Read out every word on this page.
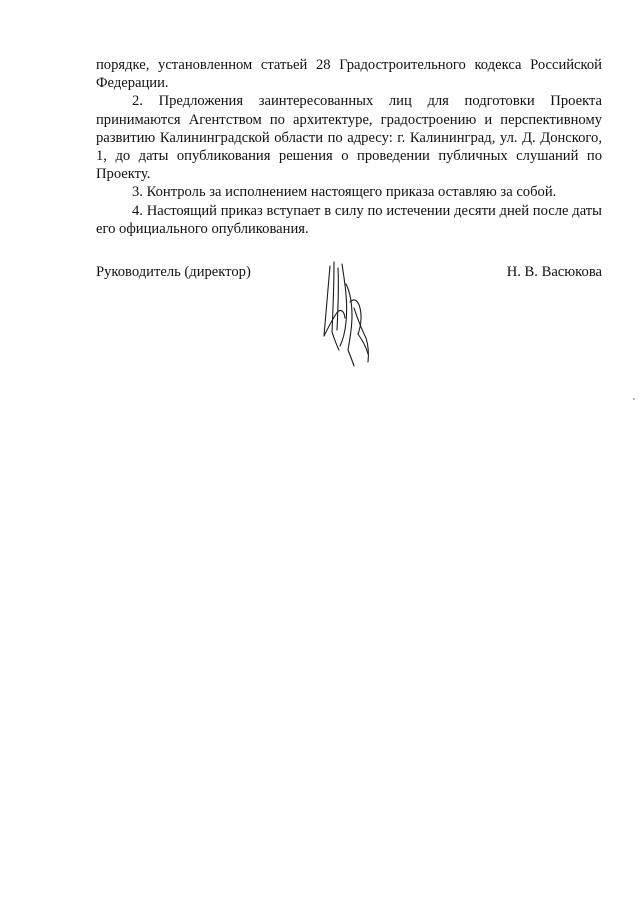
порядке, установленном статьей 28 Градостроительного кодекса Российской Федерации.

2. Предложения заинтересованных лиц для подготовки Проекта принимаются Агентством по архитектуре, градостроению и перспективному развитию Калининградской области по адресу: г. Калининград, ул. Д. Донского, 1, до даты опубликования решения о проведении публичных слушаний по Проекту.

3. Контроль за исполнением настоящего приказа оставляю за собой.

4. Настоящий приказ вступает в силу по истечении десяти дней после даты его официального опубликования.

Руководитель (директор)	Н. В. Васюкова
